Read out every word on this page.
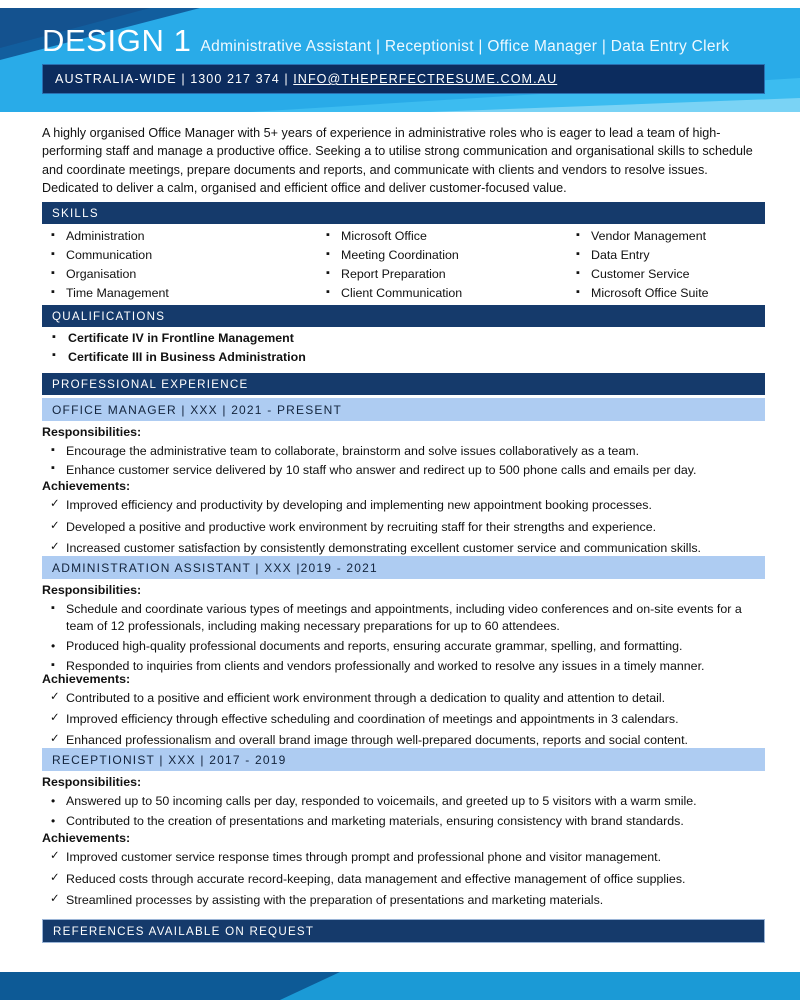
DESIGN 1 Administrative Assistant | Receptionist | Office Manager | Data Entry Clerk
AUSTRALIA-WIDE | 1300 217 374 | INFO@THEPERFECTRESUME.COM.AU
A highly organised Office Manager with 5+ years of experience in administrative roles who is eager to lead a team of high-performing staff and manage a productive office. Seeking a to utilise strong communication and organisational skills to schedule and coordinate meetings, prepare documents and reports, and communicate with clients and vendors to resolve issues. Dedicated to deliver a calm, organised and efficient office and deliver customer-focused value.
SKILLS
▪ Administration	▪ Microsoft Office	▪ Vendor Management
▪ Communication	▪ Meeting Coordination	▪ Data Entry
▪ Organisation	▪ Report Preparation	▪ Customer Service
▪ Time Management	▪ Client Communication	▪ Microsoft Office Suite
QUALIFICATIONS
▪ Certificate IV in Frontline Management
▪ Certificate III in Business Administration
PROFESSIONAL EXPERIENCE
OFFICE MANAGER | XXX | 2021 - PRESENT
Responsibilities:
▪ Encourage the administrative team to collaborate, brainstorm and solve issues collaboratively as a team.
▪ Enhance customer service delivered by 10 staff who answer and redirect up to 500 phone calls and emails per day.
Achievements:
✓ Improved efficiency and productivity by developing and implementing new appointment booking processes.
✓ Developed a positive and productive work environment by recruiting staff for their strengths and experience.
✓ Increased customer satisfaction by consistently demonstrating excellent customer service and communication skills.
ADMINISTRATION ASSISTANT | XXX |2019 - 2021
Responsibilities:
▪ Schedule and coordinate various types of meetings and appointments, including video conferences and on-site events for a team of 12 professionals, including making necessary preparations for up to 60 attendees.
• Produced high-quality professional documents and reports, ensuring accurate grammar, spelling, and formatting.
▪ Responded to inquiries from clients and vendors professionally and worked to resolve any issues in a timely manner.
Achievements:
✓ Contributed to a positive and efficient work environment through a dedication to quality and attention to detail.
✓ Improved efficiency through effective scheduling and coordination of meetings and appointments in 3 calendars.
✓ Enhanced professionalism and overall brand image through well-prepared documents, reports and social content.
RECEPTIONIST | XXX | 2017 - 2019
Responsibilities:
• Answered up to 50 incoming calls per day, responded to voicemails, and greeted up to 5 visitors with a warm smile.
• Contributed to the creation of presentations and marketing materials, ensuring consistency with brand standards.
Achievements:
✓ Improved customer service response times through prompt and professional phone and visitor management.
✓ Reduced costs through accurate record-keeping, data management and effective management of office supplies.
✓ Streamlined processes by assisting with the preparation of presentations and marketing materials.
REFERENCES AVAILABLE ON REQUEST
